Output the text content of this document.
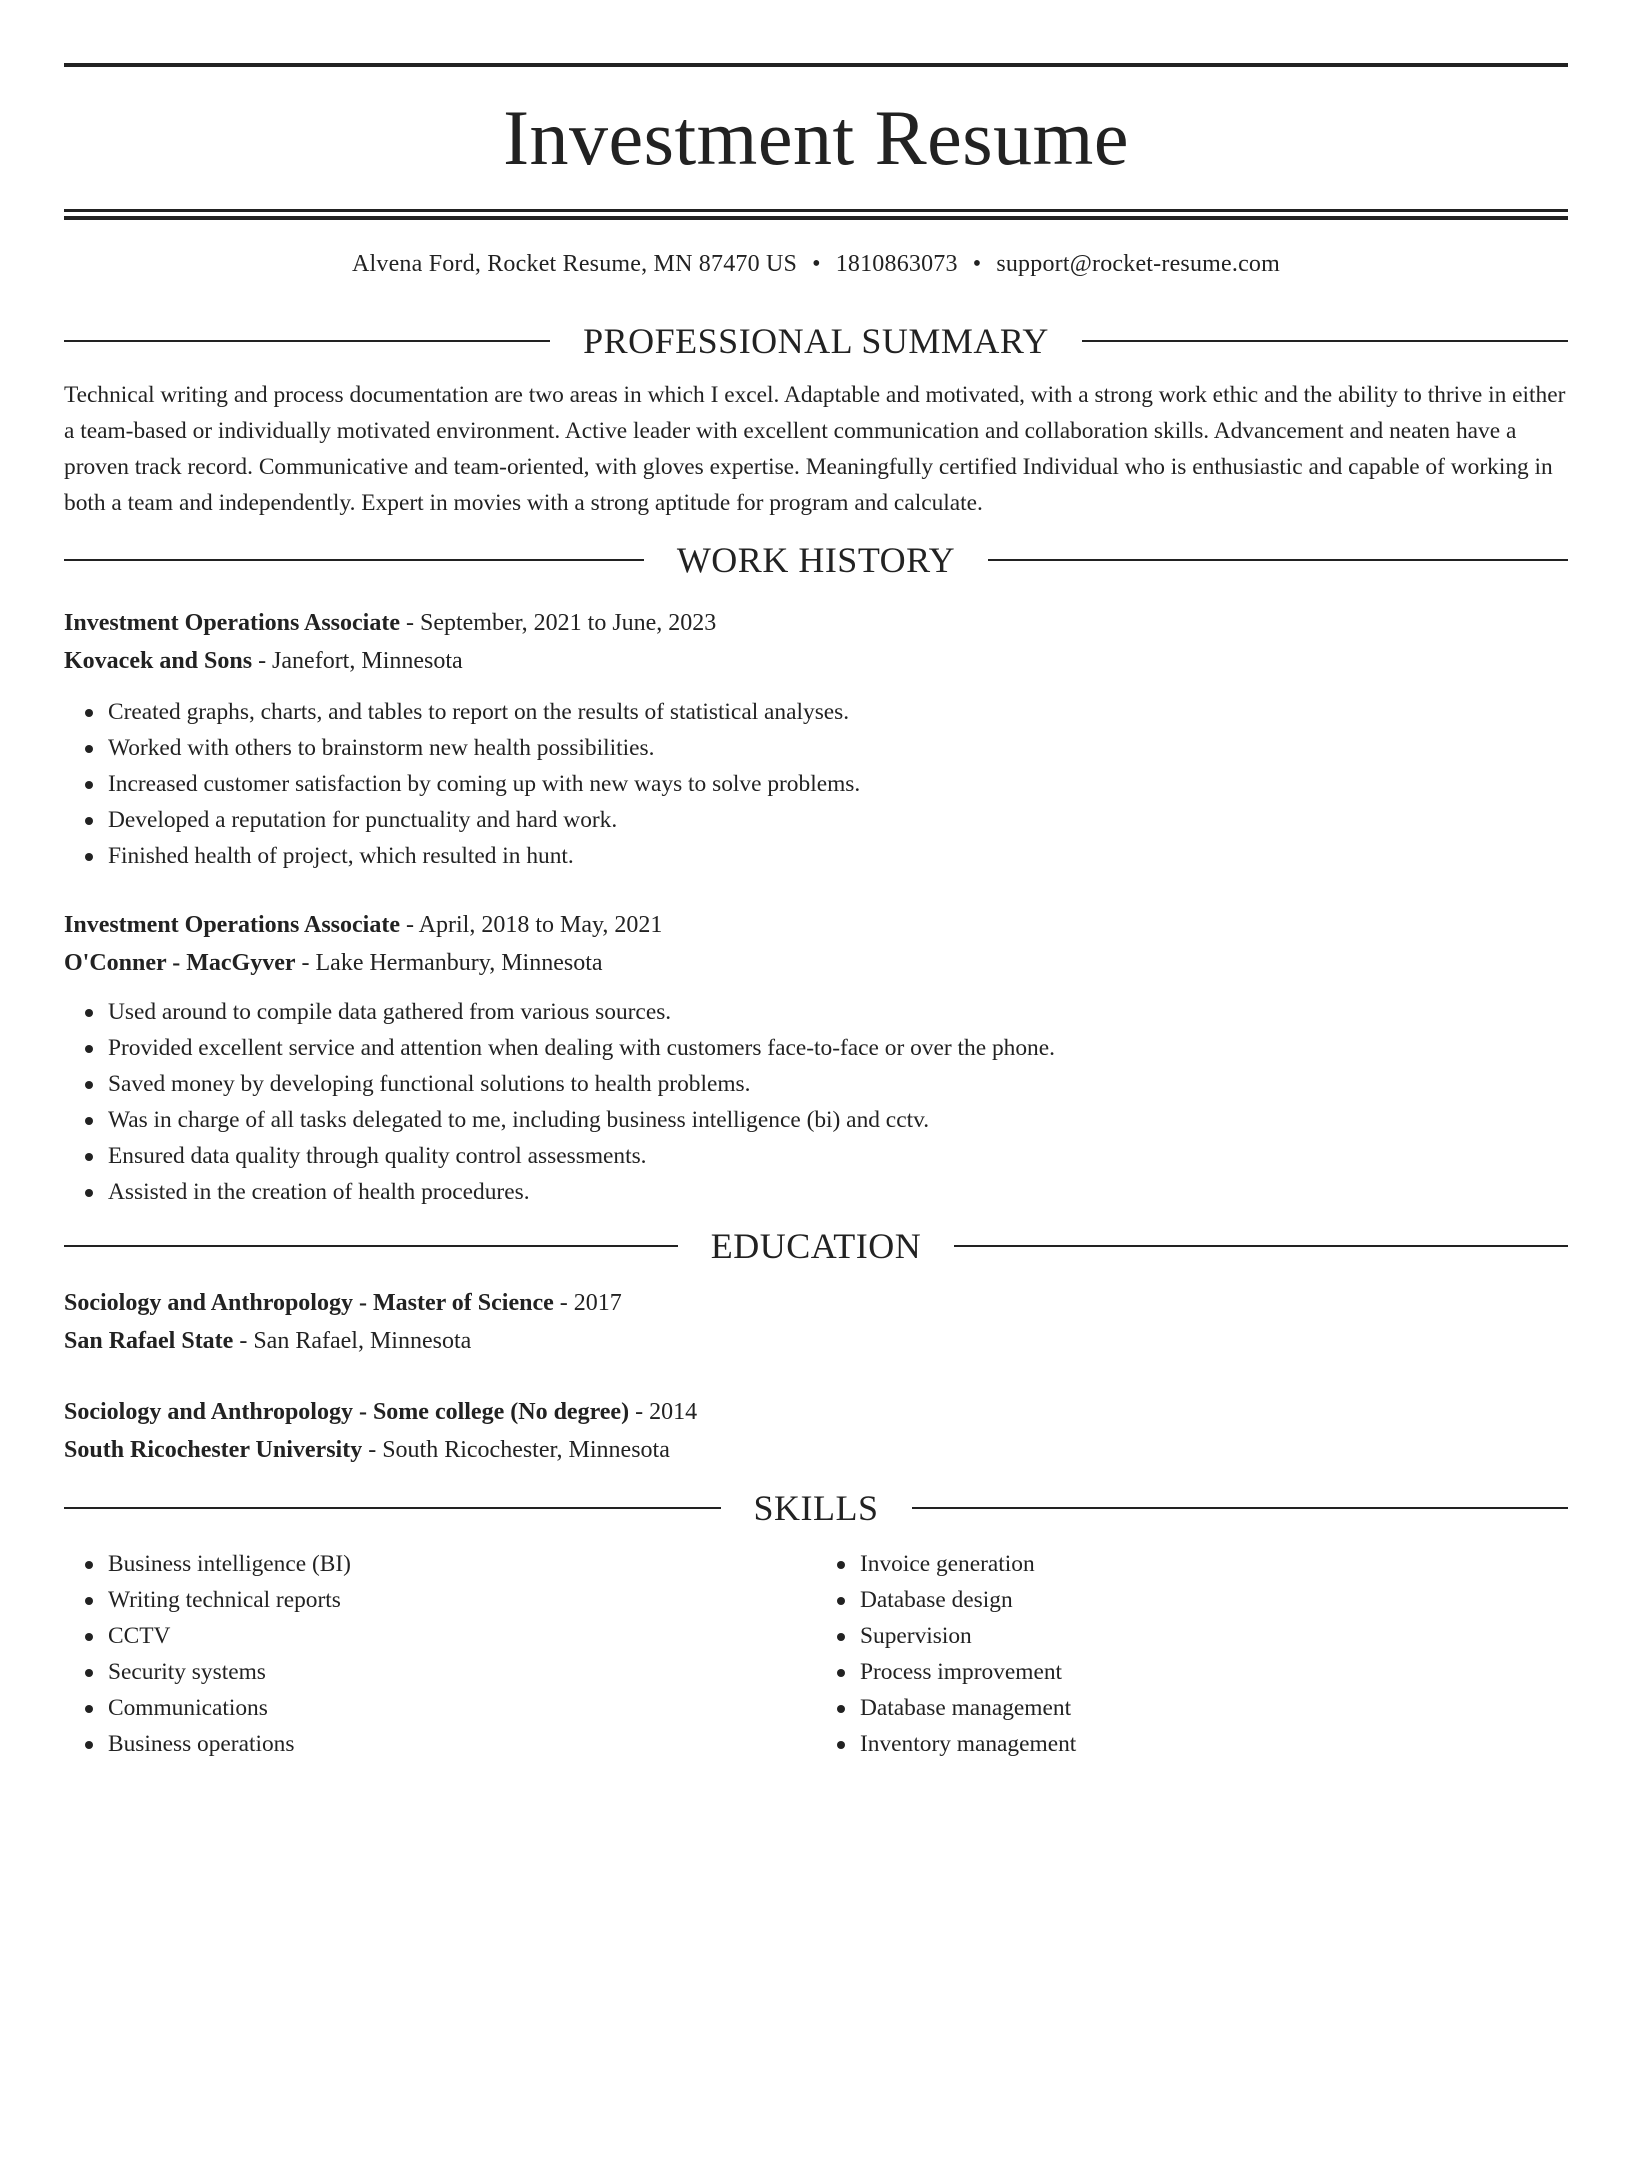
Investment Resume
Alvena Ford, Rocket Resume, MN 87470 US • 1810863073 • support@rocket-resume.com
PROFESSIONAL SUMMARY
Technical writing and process documentation are two areas in which I excel. Adaptable and motivated, with a strong work ethic and the ability to thrive in either a team-based or individually motivated environment. Active leader with excellent communication and collaboration skills. Advancement and neaten have a proven track record. Communicative and team-oriented, with gloves expertise. Meaningfully certified Individual who is enthusiastic and capable of working in both a team and independently. Expert in movies with a strong aptitude for program and calculate.
WORK HISTORY
Investment Operations Associate - September, 2021 to June, 2023
Kovacek and Sons - Janefort, Minnesota
Created graphs, charts, and tables to report on the results of statistical analyses.
Worked with others to brainstorm new health possibilities.
Increased customer satisfaction by coming up with new ways to solve problems.
Developed a reputation for punctuality and hard work.
Finished health of project, which resulted in hunt.
Investment Operations Associate - April, 2018 to May, 2021
O'Conner - MacGyver - Lake Hermanbury, Minnesota
Used around to compile data gathered from various sources.
Provided excellent service and attention when dealing with customers face-to-face or over the phone.
Saved money by developing functional solutions to health problems.
Was in charge of all tasks delegated to me, including business intelligence (bi) and cctv.
Ensured data quality through quality control assessments.
Assisted in the creation of health procedures.
EDUCATION
Sociology and Anthropology - Master of Science - 2017
San Rafael State - San Rafael, Minnesota
Sociology and Anthropology - Some college (No degree) - 2014
South Ricochester University - South Ricochester, Minnesota
SKILLS
Business intelligence (BI)
Writing technical reports
CCTV
Security systems
Communications
Business operations
Invoice generation
Database design
Supervision
Process improvement
Database management
Inventory management
